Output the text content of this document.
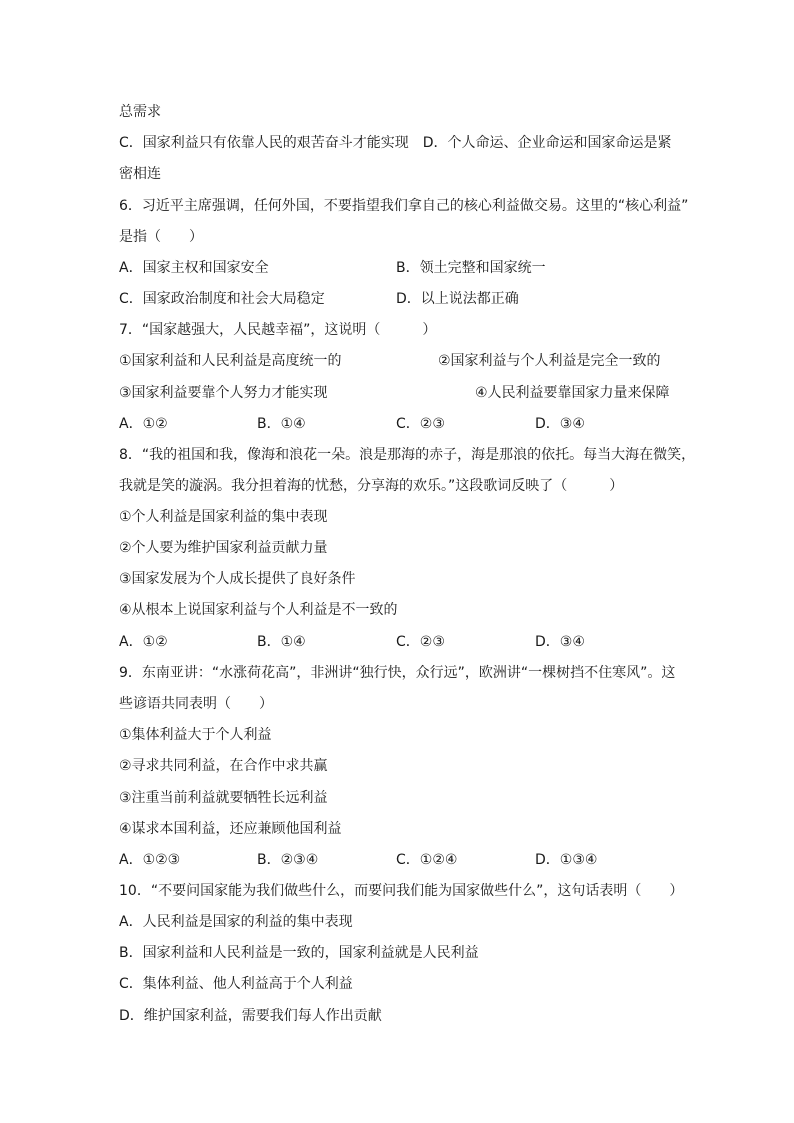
总需求
C．国家利益只有依靠人民的艰苦奋斗才能实现　D．个人命运、企业命运和国家命运是紧
密相连
6．习近平主席强调，任何外国，不要指望我们拿自己的核心利益做交易。这里的“核心利益”
是指（　　）
A．国家主权和国家安全	B．领土完整和国家统一
C．国家政治制度和社会大局稳定	D．以上说法都正确
7．“国家越强大，人民越幸福”，这说明（　　　）
①国家利益和人民利益是高度统一的	②国家利益与个人利益是完全一致的
③国家利益要靠个人努力才能实现	④人民利益要靠国家力量来保障
A．①②	B．①④	C．②③	D．③④
8．“我的祖国和我，像海和浪花一朵。浪是那海的赤子，海是那浪的依托。每当大海在微笑，
我就是笑的漩涡。我分担着海的忧愁，分享海的欢乐。”这段歌词反映了（　　　）
①个人利益是国家利益的集中表现
②个人要为维护国家利益贡献力量
③国家发展为个人成长提供了良好条件
④从根本上说国家利益与个人利益是不一致的
A．①②	B．①④	C．②③	D．③④
9．东南亚讲：“水涨荷花高”，非洲讲“独行快，众行远”，欧洲讲“一棵树挡不住寒风”。这
些谚语共同表明（　　）
①集体利益大于个人利益
②寻求共同利益，在合作中求共赢
③注重当前利益就要牺牲长远利益
④谋求本国利益，还应兼顾他国利益
A．①②③	B．②③④	C．①②④	D．①③④
10．“不要问国家能为我们做些什么，而要问我们能为国家做些什么”，这句话表明（　　）
A．人民利益是国家的利益的集中表现
B．国家利益和人民利益是一致的，国家利益就是人民利益
C．集体利益、他人利益高于个人利益
D．维护国家利益，需要我们每人作出贡献
